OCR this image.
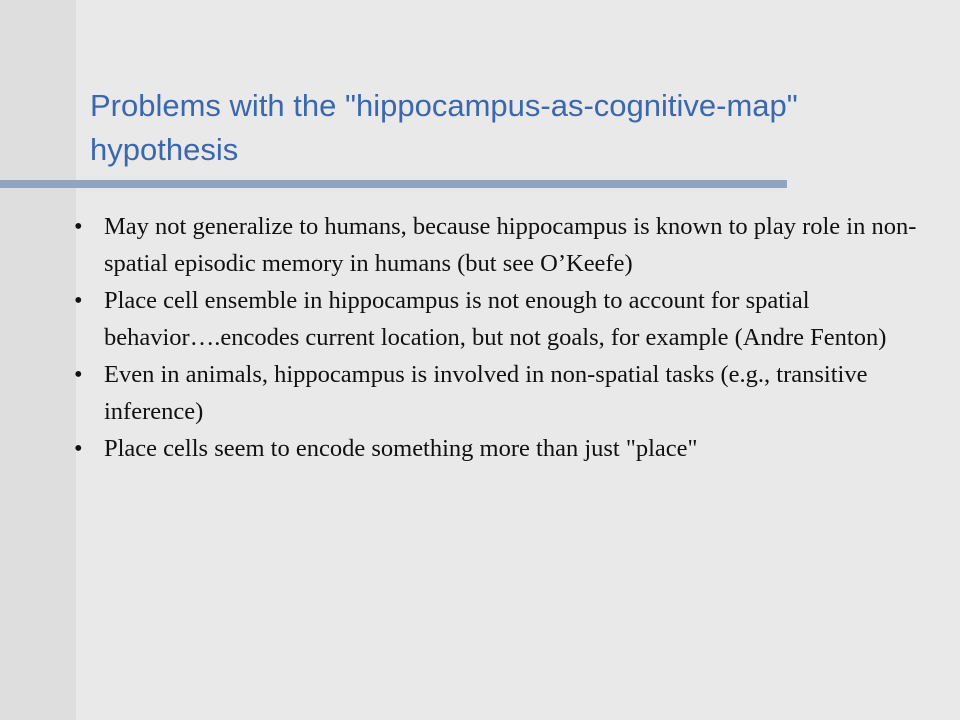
Problems with the "hippocampus-as-cognitive-map" hypothesis
• May not generalize to humans, because hippocampus is known to play role in non-spatial episodic memory in humans (but see O’Keefe)
• Place cell ensemble in hippocampus is not enough to account for spatial behavior….encodes current location, but not goals, for example (Andre Fenton)
• Even in animals, hippocampus is involved in non-spatial tasks (e.g., transitive inference)
• Place cells seem to encode something more than just "place"
